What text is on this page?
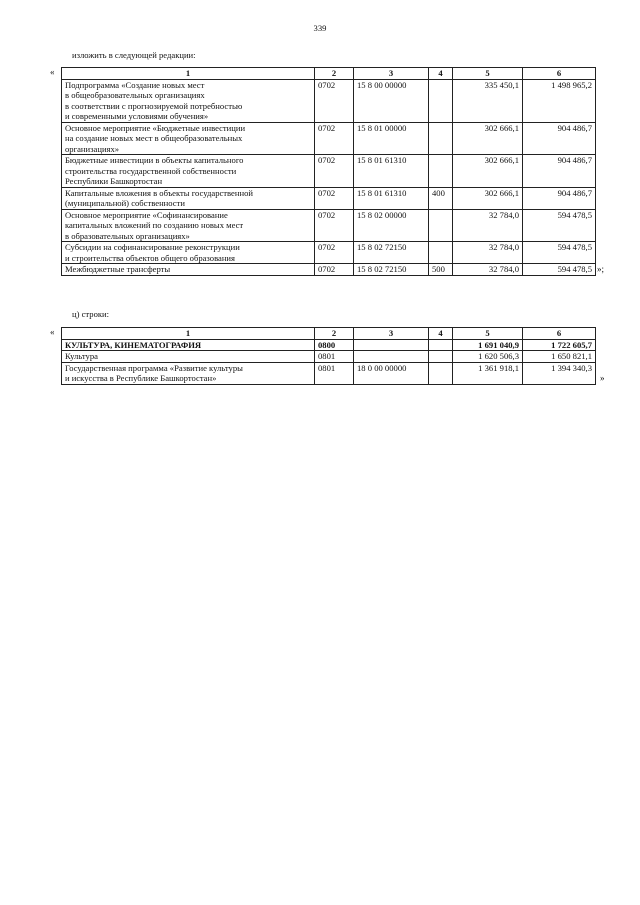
339
изложить в следующей редакции:
«	1	2	3	4	5	6

Подпрограмма «Создание новых мест
в общеобразовательных организациях
в соответствии с прогнозируемой потребностью
и современными условиями обучения»	0702	15 8 00 00000		335 450,1	1 498 965,2

Основное мероприятие «Бюджетные инвестиции
на создание новых мест в общеобразовательных
организациях»	0702	15 8 01 00000		302 666,1	904 486,7

Бюджетные инвестиции в объекты капитального
строительства государственной собственности
Республики Башкортостан	0702	15 8 01 61310		302 666,1	904 486,7

Капитальные вложения в объекты государственной
(муниципальной) собственности	0702	15 8 01 61310	400	302 666,1	904 486,7

Основное мероприятие «Софинансирование
капитальных вложений по созданию новых мест
в образовательных организациях»	0702	15 8 02 00000		32 784,0	594 478,5

Субсидии на софинансирование реконструкции
и строительства объектов общего образования	0702	15 8 02 72150		32 784,0	594 478,5

Межбюджетные трансферты	0702	15 8 02 72150	500	32 784,0	594 478,5 »;
ц) строки:
«	1	2	3	4	5	6

КУЛЬТУРА, КИНЕМАТОГРАФИЯ	0800			1 691 040,9	1 722 605,7

Культура	0801			1 620 506,3	1 650 821,1

Государственная программа «Развитие культуры
и искусства в Республике Башкортостан»	0801	18 0 00 00000		1 361 918,1	1 394 340,3
»
